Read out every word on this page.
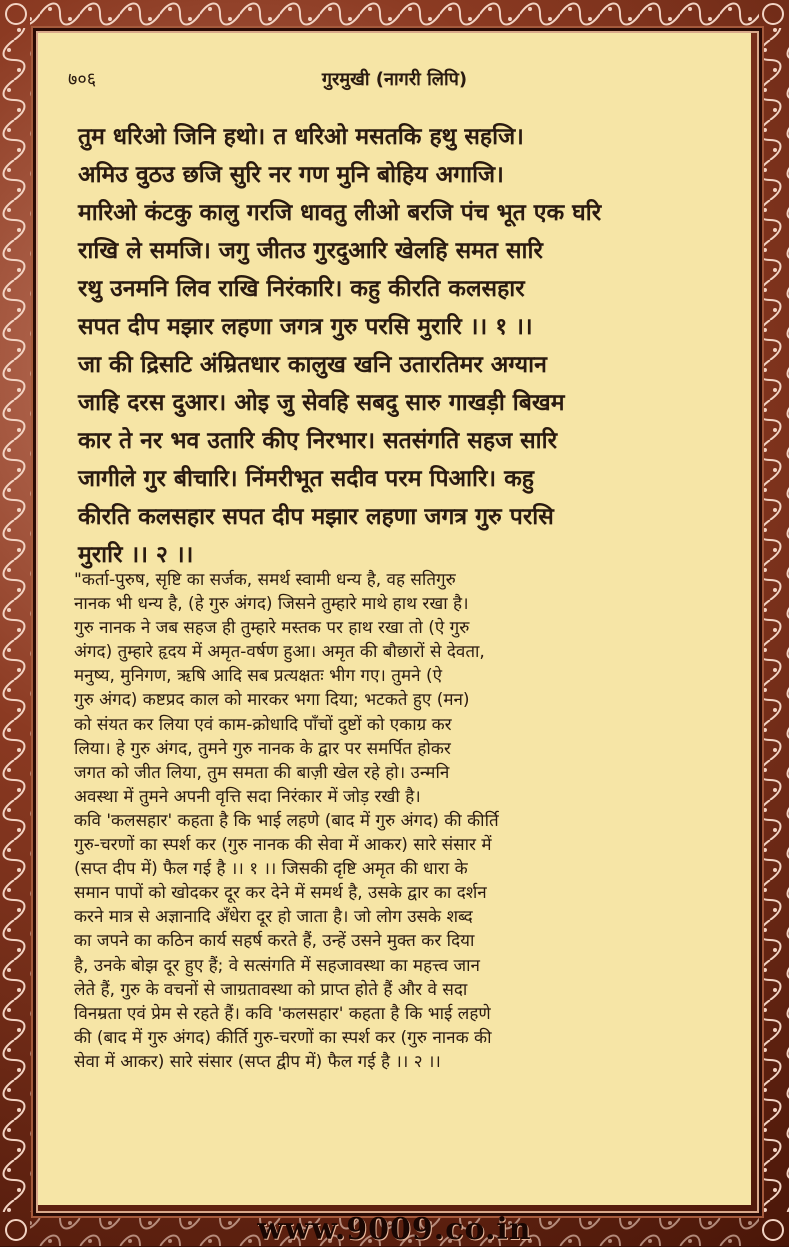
७०६	गुरमुखी (नागरी लिपि)
तुम धरिओ जिनि हथो। त धरिओ मसतकि हथु सहजि।
अमिउ वुठउ छजि सुरि नर गण मुनि बोहिय अगाजि।
मारिओ कंटकु कालु गरजि धावतु लीओ बरजि पंच भूत एक घरि
राखि ले समजि। जगु जीतउ गुरदुआरि खेलहि समत सारि
रथु उनमनि लिव राखि निरंकारि। कहु कीरति कलसहार
सपत दीप मझार लहणा जगत्र गुरु परसि मुरारि ।। १ ।।
जा की द्रिसटि अंम्रितधार कालुख खनि उतारतिमर अग्यान
जाहि दरस दुआर। ओइ जु सेवहि सबदु सारु गाखड़ी बिखम
कार ते नर भव उतारि कीए निरभार। सतसंगति सहज सारि
जागीले गुर बीचारि। निंमरीभूत सदीव परम पिआरि। कहु
कीरति कलसहार सपत दीप मझार लहणा जगत्र गुरु परसि
मुरारि ।। २ ।।
"कर्ता-पुरुष, सृष्टि का सर्जक, समर्थ स्वामी धन्य है, वह सतिगुरु
नानक भी धन्य है, (हे गुरु अंगद) जिसने तुम्हारे माथे हाथ रखा है।
गुरु नानक ने जब सहज ही तुम्हारे मस्तक पर हाथ रखा तो (ऐ गुरु
अंगद) तुम्हारे हृदय में अमृत-वर्षण हुआ। अमृत की बौछारों से देवता,
मनुष्य, मुनिगण, ऋषि आदि सब प्रत्यक्षतः भीग गए। तुमने (ऐ
गुरु अंगद) कष्टप्रद काल को मारकर भगा दिया; भटकते हुए (मन)
को संयत कर लिया एवं काम-क्रोधादि पाँचों दुष्टों को एकाग्र कर
लिया। हे गुरु अंगद, तुमने गुरु नानक के द्वार पर समर्पित होकर
जगत को जीत लिया, तुम समता की बाज़ी खेल रहे हो। उन्मनि
अवस्था में तुमने अपनी वृत्ति सदा निरंकार में जोड़ रखी है।
कवि 'कलसहार' कहता है कि भाई लहणे (बाद में गुरु अंगद) की कीर्ति
गुरु-चरणों का स्पर्श कर (गुरु नानक की सेवा में आकर) सारे संसार में
(सप्त दीप में) फैल गई है ।। १ ।। जिसकी दृष्टि अमृत की धारा के
समान पापों को खोदकर दूर कर देने में समर्थ है, उसके द्वार का दर्शन
करने मात्र से अज्ञानादि अँधेरा दूर हो जाता है। जो लोग उसके शब्द
का जपने का कठिन कार्य सहर्ष करते हैं, उन्हें उसने मुक्त कर दिया
है, उनके बोझ दूर हुए हैं; वे सत्संगति में सहजावस्था का महत्त्व जान
लेते हैं, गुरु के वचनों से जाग्रतावस्था को प्राप्त होते हैं और वे सदा
विनम्रता एवं प्रेम से रहते हैं। कवि 'कलसहार' कहता है कि भाई लहणे
की (बाद में गुरु अंगद) कीर्ति गुरु-चरणों का स्पर्श कर (गुरु नानक की
सेवा में आकर) सारे संसार (सप्त द्वीप में) फैल गई है ।। २ ।।
www.9009.co.in
